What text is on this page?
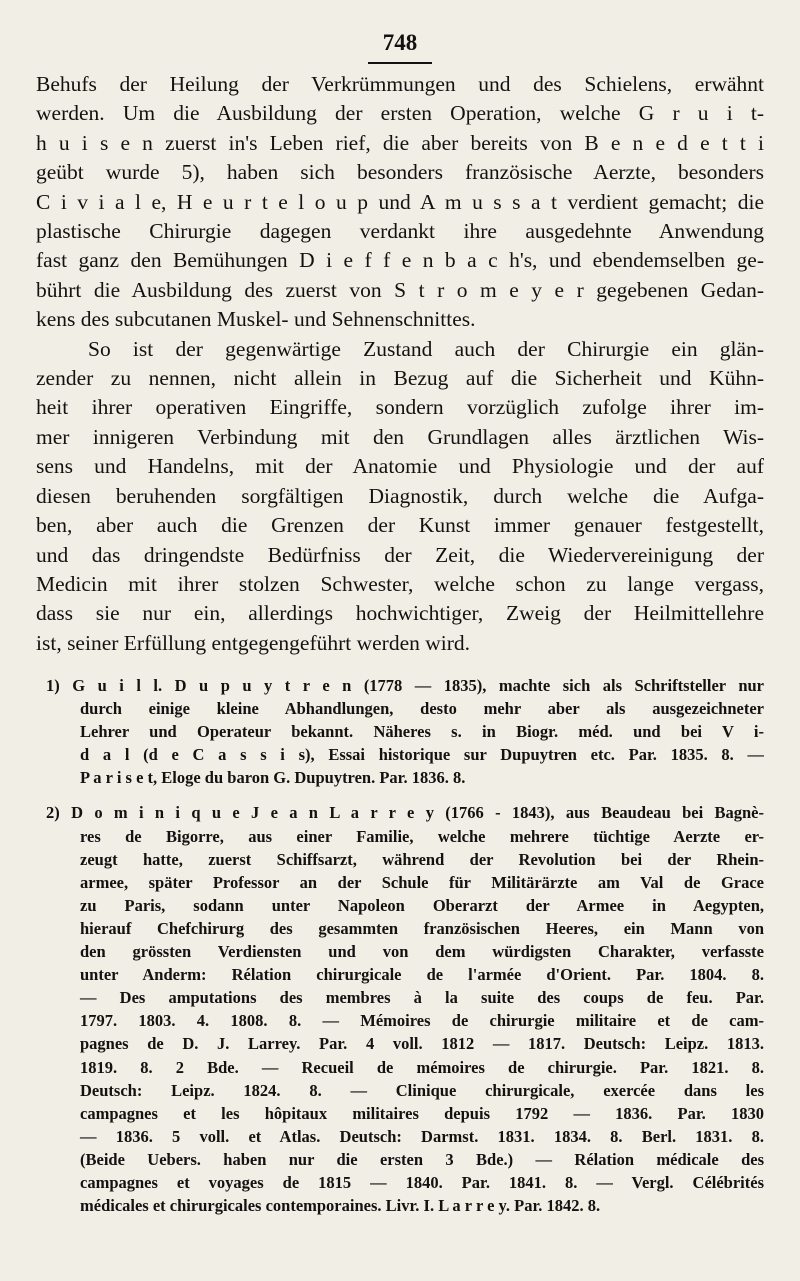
748
Behufs der Heilung der Verkrümmungen und des Schielens, erwähnt
werden. Um die Ausbildung der ersten Operation, welche G r u i t-
h u i s e n zuerst in's Leben rief, die aber bereits von B e n e d e t t i
geübt wurde 5), haben sich besonders französische Aerzte, besonders
C i v i a l e, H e u r t e l o u p und A m u s s a t verdient gemacht; die
plastische Chirurgie dagegen verdankt ihre ausgedehnte Anwendung
fast ganz den Bemühungen D i e f f e n b a c h's, und ebendemselben ge-
bührt die Ausbildung des zuerst von S t r o m e y e r gegebenen Gedan-
kens des subcutanen Muskel- und Sehnenschnittes.
So ist der gegenwärtige Zustand auch der Chirurgie ein glän-
zender zu nennen, nicht allein in Bezug auf die Sicherheit und Kühn-
heit ihrer operativen Eingriffe, sondern vorzüglich zufolge ihrer im-
mer innigeren Verbindung mit den Grundlagen alles ärztlichen Wis-
sens und Handelns, mit der Anatomie und Physiologie und der auf
diesen beruhenden sorgfältigen Diagnostik, durch welche die Aufga-
ben, aber auch die Grenzen der Kunst immer genauer festgestellt,
und das dringendste Bedürfniss der Zeit, die Wiedervereinigung der
Medicin mit ihrer stolzen Schwester, welche schon zu lange vergass,
dass sie nur ein, allerdings hochwichtiger, Zweig der Heilmittellehre
ist, seiner Erfüllung entgegengeführt werden wird.
1) G u i l l. D u p u y t r e n (1778 — 1835), machte sich als Schriftsteller nur
durch einige kleine Abhandlungen, desto mehr aber als ausgezeichneter
Lehrer und Operateur bekannt. Näheres s. in Biogr. méd. und bei V i-
d a l (d e C a s s i s), Essai historique sur Dupuytren etc. Par. 1835. 8. —
P a r i s e t, Eloge du baron G. Dupuytren. Par. 1836. 8.
2) D o m i n i q u e J e a n L a r r e y (1766 - 1843), aus Beaudeau bei Bagnè-
res de Bigorre, aus einer Familie, welche mehrere tüchtige Aerzte er-
zeugt hatte, zuerst Schiffsarzt, während der Revolution bei der Rhein-
armee, später Professor an der Schule für Militärärzte am Val de Grace
zu Paris, sodann unter Napoleon Oberarzt der Armee in Aegypten,
hierauf Chefchirurg des gesammten französischen Heeres, ein Mann von
den grössten Verdiensten und von dem würdigsten Charakter, verfasste
unter Anderm: Rélation chirurgicale de l'armée d'Orient. Par. 1804. 8.
— Des amputations des membres à la suite des coups de feu. Par.
1797. 1803. 4. 1808. 8. — Mémoires de chirurgie militaire et de cam-
pagnes de D. J. Larrey. Par. 4 voll. 1812 — 1817. Deutsch: Leipz. 1813.
1819. 8. 2 Bde. — Recueil de mémoires de chirurgie. Par. 1821. 8.
Deutsch: Leipz. 1824. 8. — Clinique chirurgicale, exercée dans les
campagnes et les hôpitaux militaires depuis 1792 — 1836. Par. 1830
— 1836. 5 voll. et Atlas. Deutsch: Darmst. 1831. 1834. 8. Berl. 1831. 8.
(Beide Uebers. haben nur die ersten 3 Bde.) — Rélation médicale des
campagnes et voyages de 1815 — 1840. Par. 1841. 8. — Vergl. Célébrités
médicales et chirurgicales contemporaines. Livr. I. L a r r e y. Par. 1842. 8.
